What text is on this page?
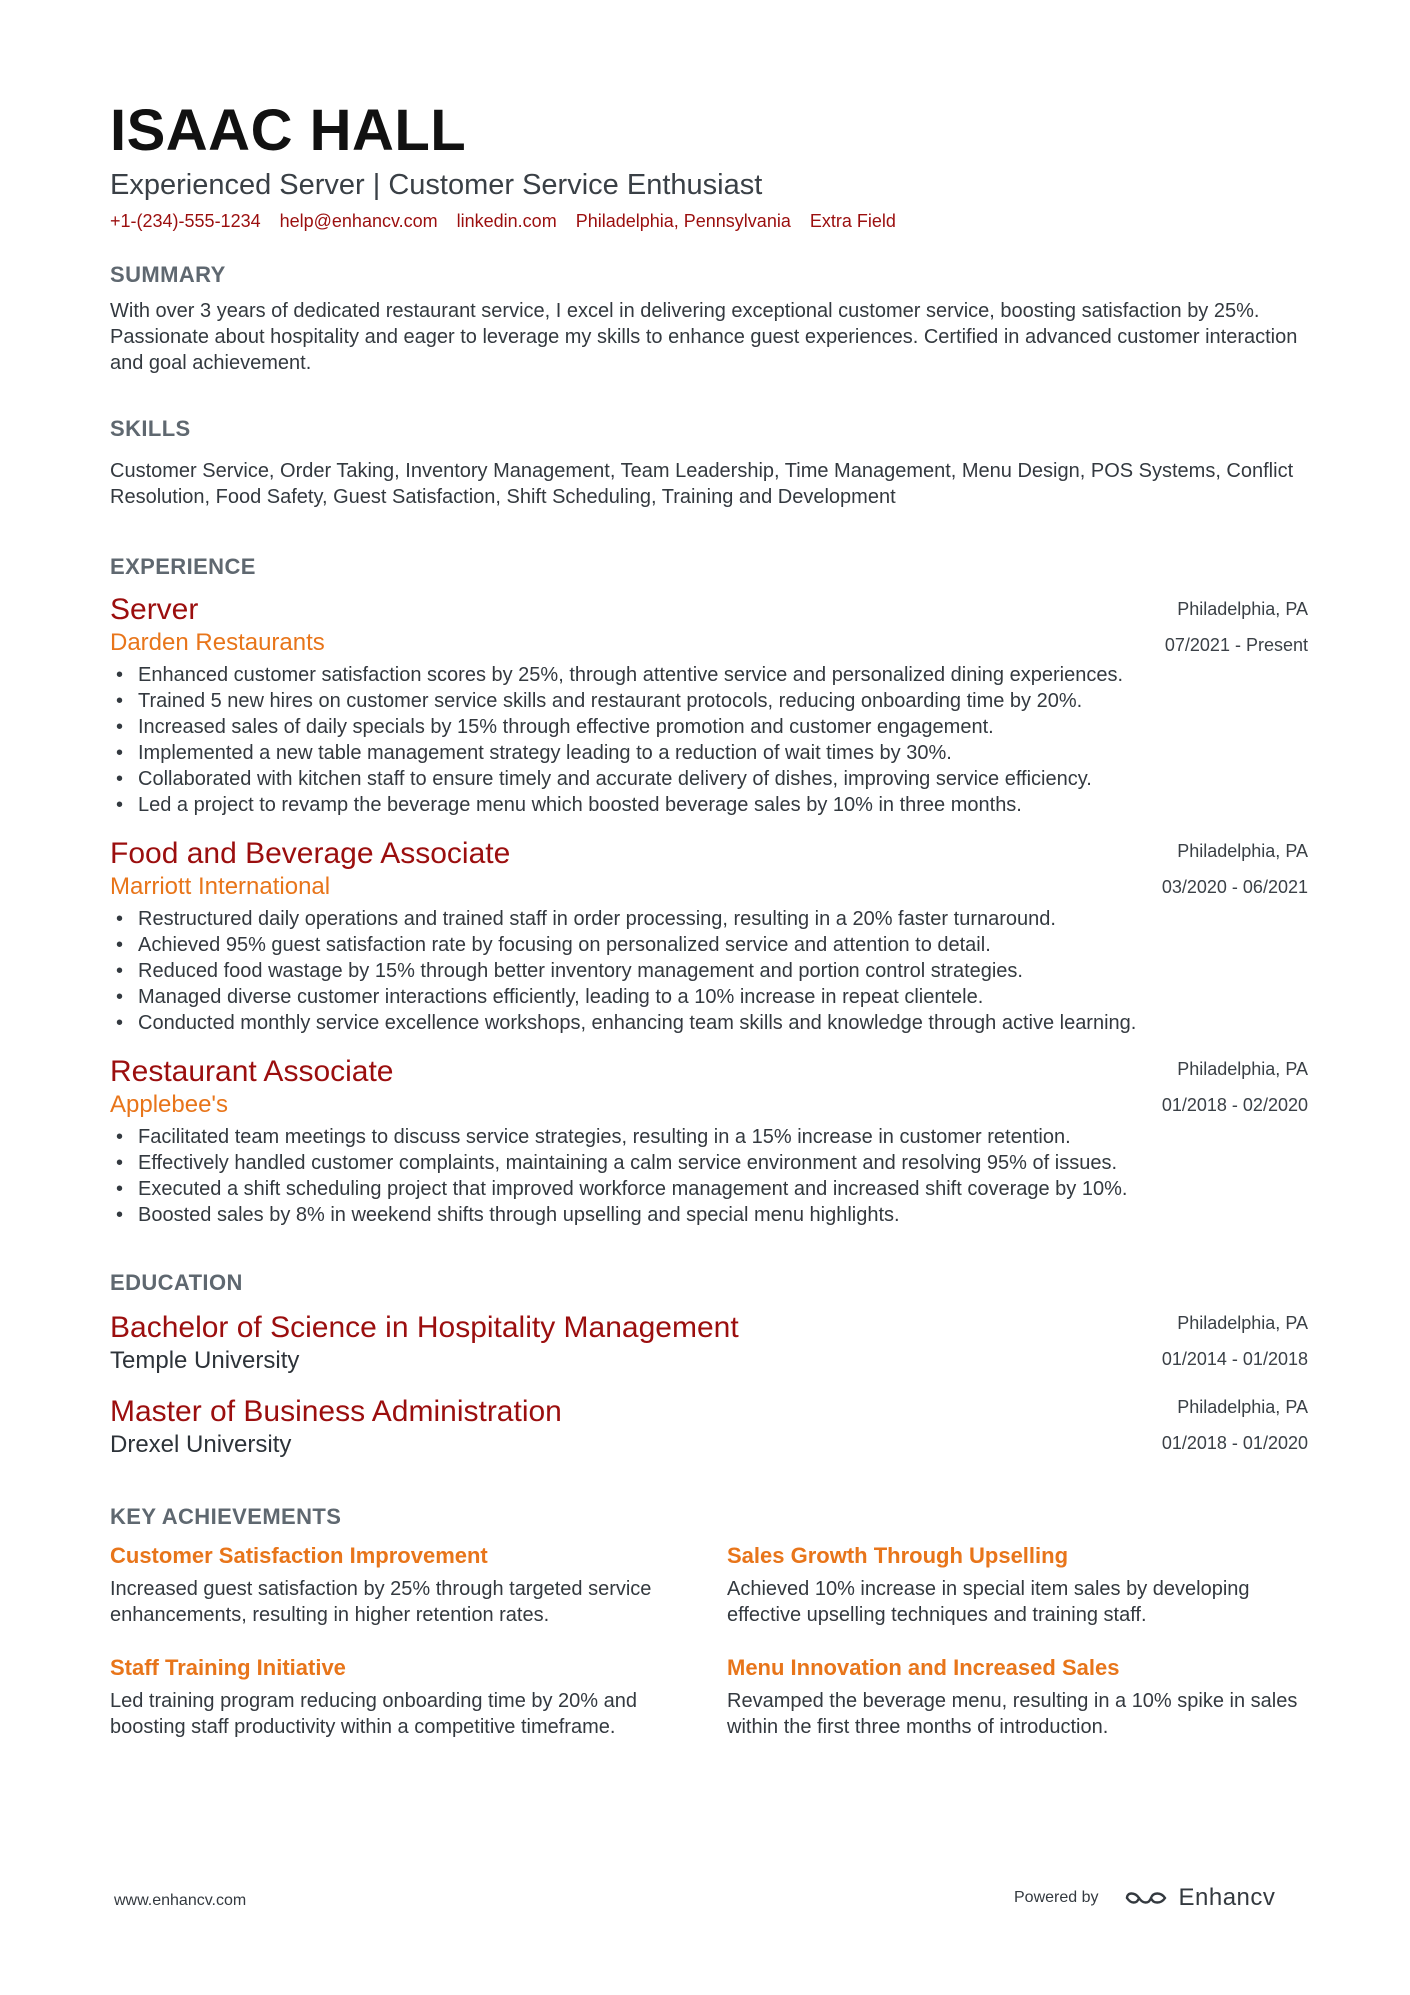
ISAAC HALL
Experienced Server | Customer Service Enthusiast
+1-(234)-555-1234 help@enhancv.com linkedin.com Philadelphia, Pennsylvania Extra Field
SUMMARY

With over 3 years of dedicated restaurant service, I excel in delivering exceptional customer service, boosting satisfaction by 25%. Passionate about hospitality and eager to leverage my skills to enhance guest experiences. Certified in advanced customer interaction and goal achievement.

SKILLS

Customer Service, Order Taking, Inventory Management, Team Leadership, Time Management, Menu Design, POS Systems, Conflict Resolution, Food Safety, Guest Satisfaction, Shift Scheduling, Training and Development

EXPERIENCE
Philadelphia, PA
07/2021 - Present
Server
Darden Restaurants
• Enhanced customer satisfaction scores by 25%, through attentive service and personalized dining experiences.
• Trained 5 new hires on customer service skills and restaurant protocols, reducing onboarding time by 20%.
• Increased sales of daily specials by 15% through effective promotion and customer engagement.
• Implemented a new table management strategy leading to a reduction of wait times by 30%.
• Collaborated with kitchen staff to ensure timely and accurate delivery of dishes, improving service efficiency.
• Led a project to revamp the beverage menu which boosted beverage sales by 10% in three months.
Philadelphia, PA
03/2020 - 06/2021
Food and Beverage Associate
Marriott International
• Restructured daily operations and trained staff in order processing, resulting in a 20% faster turnaround.
• Achieved 95% guest satisfaction rate by focusing on personalized service and attention to detail.
• Reduced food wastage by 15% through better inventory management and portion control strategies.
• Managed diverse customer interactions efficiently, leading to a 10% increase in repeat clientele.
• Conducted monthly service excellence workshops, enhancing team skills and knowledge through active learning.
Philadelphia, PA
01/2018 - 02/2020
Restaurant Associate
Applebee's
• Facilitated team meetings to discuss service strategies, resulting in a 15% increase in customer retention.
• Effectively handled customer complaints, maintaining a calm service environment and resolving 95% of issues.
• Executed a shift scheduling project that improved workforce management and increased shift coverage by 10%.
• Boosted sales by 8% in weekend shifts through upselling and special menu highlights.
EDUCATION
Philadelphia, PA
01/2014 - 01/2018
Bachelor of Science in Hospitality Management
Temple University
Philadelphia, PA
01/2018 - 01/2020
Master of Business Administration
Drexel University
KEY ACHIEVEMENTS
Customer Satisfaction Improvement
Increased guest satisfaction by 25% through targeted service enhancements, resulting in higher retention rates.
Sales Growth Through Upselling
Achieved 10% increase in special item sales by developing effective upselling techniques and training staff.
Staff Training Initiative
Led training program reducing onboarding time by 20% and boosting staff productivity within a competitive timeframe.
Menu Innovation and Increased Sales
Revamped the beverage menu, resulting in a 10% spike in sales within the first three months of introduction.
www.enhancv.com	Powered by	Enhancv
